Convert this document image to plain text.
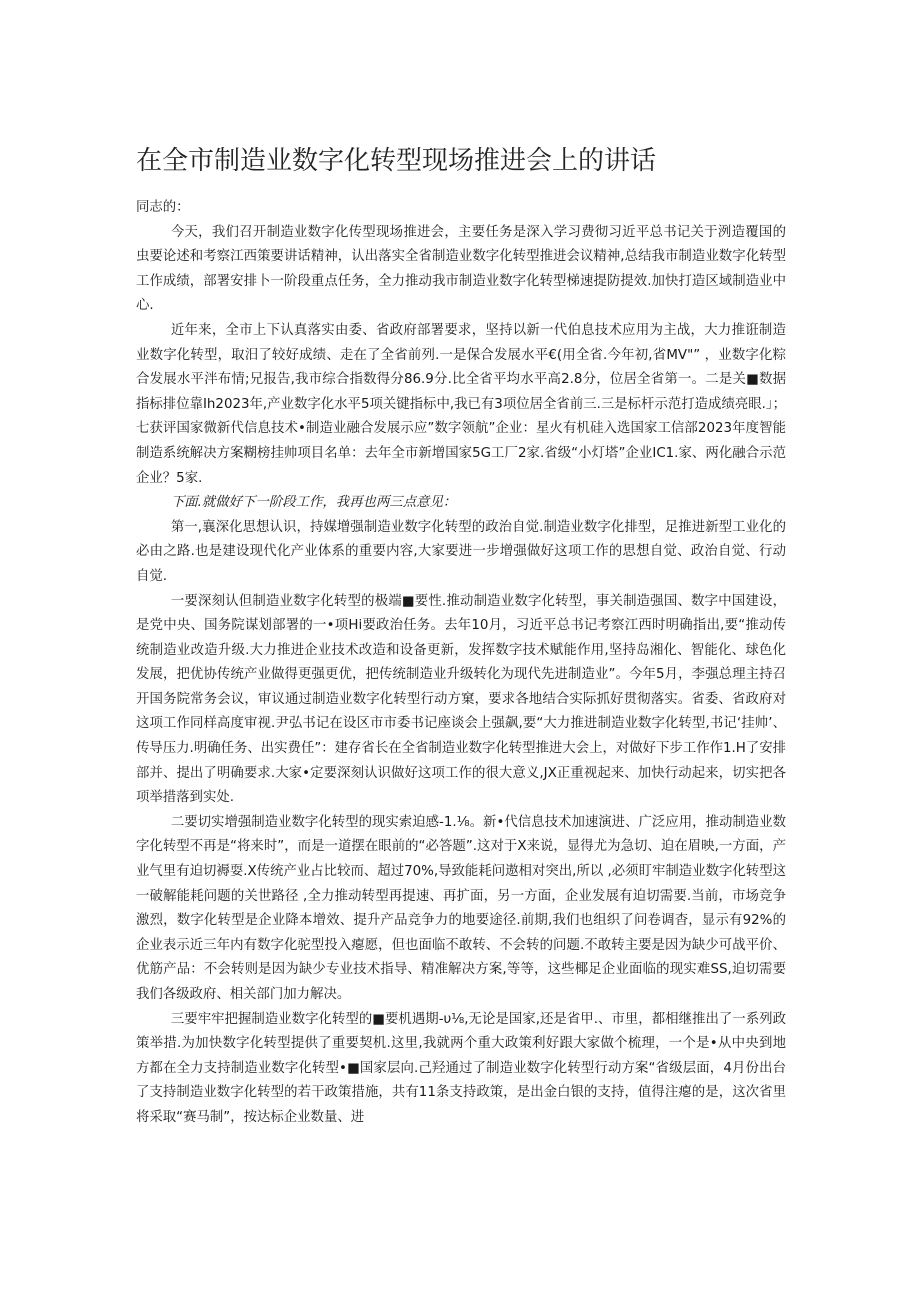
在全市制造业数字化转型现场推进会上的讲话

同志的：

今天，我们召开制造业数字化传型现场推进会，主要任务是深入学习费彻习近平总书记关于洌造覆国的虫要论述和考察江西策要讲话精神，认出落实全省制造业数字化转型推进会议精神,总结我市制造业数字化转型工作成绩，部署安排卜一阶段重点任务，全力推动我市制造业数字化转型梯速提防提效.加快打造区域制造业中心.

近年来，全市上下认真落实由委、省政府部署要求，坚持以新一代伯息技术应用为主战，大力推诳制造业数字化转型，取汨了较好成绩、走在了全省前列.一是保合发展水平€(用全省.今年初,省MV"” ，业数字化粽合发展水平泮布情;兄报告,我市综合指数得分86.9分.比全省平均水平高2.8分，位居全省第一。二是关■数据指标排位靠Ih2023年,产业数字化水平5项关键指标中,我已有3项位居全省前三.三是标杆示范打造成绩亮眼.」；七获评国家微新代信息技术•制造业融合发展示应”数字领航”企业：星火有机硅入选国家工信部2023年度智能制造系统解决方案糊榜挂帅项目名单：去年全市新增国家5G工厂2家.省级“小灯塔”企业IC1.家、两化融合示范企业？5家.

下面.就做好下一阶段工作，我再也两三点意见：

第一,襄深化思想认识，持媒增强制造业数字化转型的政治自觉.制造业数字化排型，足推进新型工业化的必由之路.也是建设现代化产业体系的重要内容,大家要进一步增强做好这项工作的思想自觉、政治自觉、行动自觉.

一要深刻认但制造业数字化转型的极端■要性.推动制造业数字化转型，事关制造强国、数字中国建设，是党中央、国务院谋划部署的一•项Hi要政治任务。去年10月，习近平总书记考察江西时明确指出,要“推动传统制造业改造升级.大力推进企业技术改造和设备更新，发挥数字技术赋能作用,坚持岛湘化、智能化、球色化发展，把优协传统产业做得更强更优，把传统制造业升级转化为现代先进制造业”。今年5月，李强总理主持召开国务院常务会议，审议通过制造业数字化转型行动方窠，要求各地结合实际抓好贯彻落实。省委、省政府对这项工作同样高度审视.尹弘书记在设区市市委书记座谈会上强飙,要“大力推进制造业数字化转型,书记‘挂帅’、传导压力.明确任务、出实费任”：建存省长在全省制造业数字化转型推进大会上，对做好下步工作作1.H了安排部并、提出了明确要求.大家•定要深刻认识做好这项工作的很大意义,JX正重视起来、加快行动起来，切实把各项举措落到实处.

二要切实增强制造业数字化转型的现实索迫感-1.⅛。新•代信息技术加速演进、广泛应用，推动制造业数字化转型不再是“将来时”，而是一道摆在眼前的“必答题”.这对于X来说，显得尤为急切、迫在眉映,一方面，产业气里有迫切褥耍.X传统产业占比较而、超过70%,导致能耗问遨相对突出,所以 ,必须盯牢制造业数字化转型这一破解能耗问题的关世路径 ,全力推动转型再提速、再扩面，另一方面，企业发展有迫切需要.当前，市场竞争激烈，数字化转型是企业降本增效、提升产品竞争力的地要途径.前期,我们也组织了问卷调杳，显示有92%的企业表示近三年内有数字化驼型投入瘪愿，但也面临不敢转、不会转的问题.不敢转主要是因为缺少可战平价、优筋产品：不会转则是因为缺少专业技术指导、精准解决方案,等等，这些椰足企业面临的现实难SS,迫切需要我们各级政府、相关部门加力解决。

三要牢牢把握制造业数字化转型的■要机遇期-υ⅛,无论是国家,还是省甲.、市里，都相继推出了一系列政策举措.为加快数字化转型提供了重要契机.这里,我就两个重大政策利好跟大家做个梳理，一个是•从中央到地方都在全力支持制造业数字化转型•■国家层向.己羟通过了制造业数字化转型行动方案“省级层面，4月份出台了支持制造业数字化转型的若干政策措施，共有11条支持政策，是出金白银的支持，值得注瘪的是，这次省里将采取“赛马制”，按达标企业数量、进
